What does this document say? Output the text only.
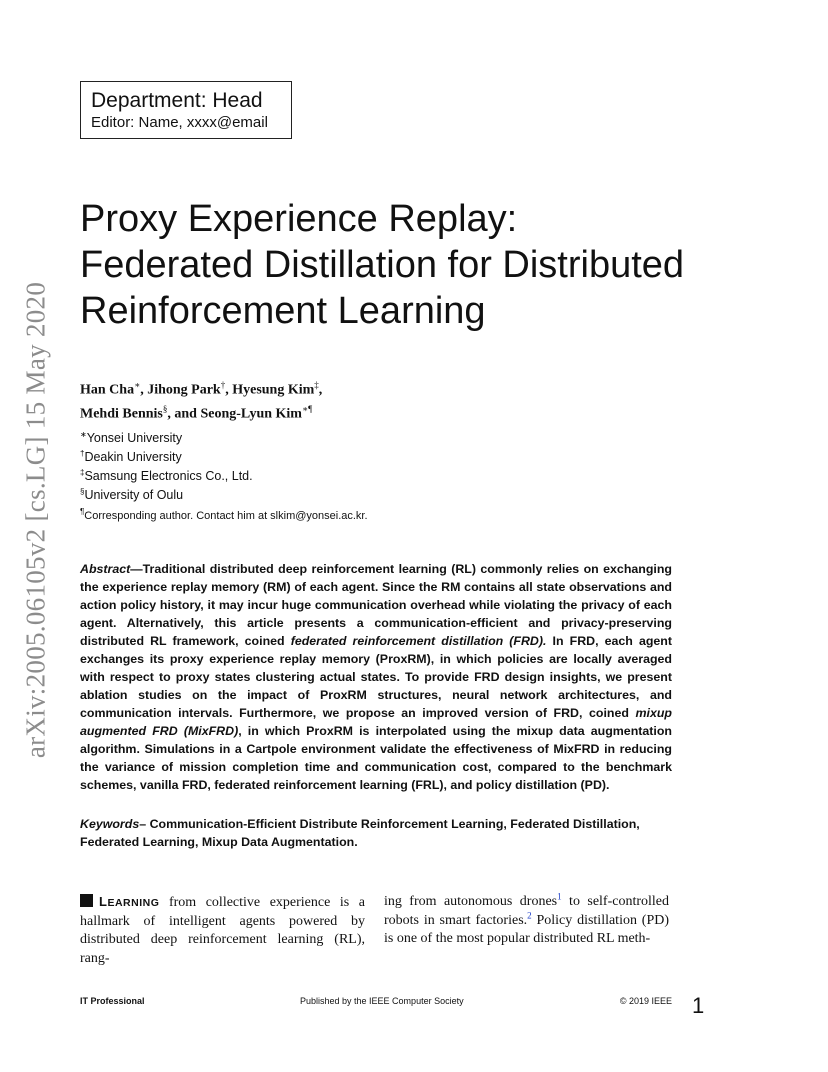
Department: Head
Editor: Name, xxxx@email
arXiv:2005.06105v2 [cs.LG] 15 May 2020
Proxy Experience Replay:
Federated Distillation for Distributed
Reinforcement Learning
Han Cha∗, Jihong Park†, Hyesung Kim‡,
Mehdi Bennis§, and Seong-Lyun Kim∗¶
∗Yonsei University
†Deakin University
‡Samsung Electronics Co., Ltd.
§University of Oulu
¶Corresponding author. Contact him at slkim@yonsei.ac.kr.
Abstract—Traditional distributed deep reinforcement learning (RL) commonly relies on exchanging the experience replay memory (RM) of each agent. Since the RM contains all state observations and action policy history, it may incur huge communication overhead while violating the privacy of each agent. Alternatively, this article presents a communication-efficient and privacy-preserving distributed RL framework, coined federated reinforcement distillation (FRD). In FRD, each agent exchanges its proxy experience replay memory (ProxRM), in which policies are locally averaged with respect to proxy states clustering actual states. To provide FRD design insights, we present ablation studies on the impact of ProxRM structures, neural network architectures, and communication intervals. Furthermore, we propose an improved version of FRD, coined mixup augmented FRD (MixFRD), in which ProxRM is interpolated using the mixup data augmentation algorithm. Simulations in a Cartpole environment validate the effectiveness of MixFRD in reducing the variance of mission completion time and communication cost, compared to the benchmark schemes, vanilla FRD, federated reinforcement learning (FRL), and policy distillation (PD).
Keywords– Communication-Efficient Distribute Reinforcement Learning, Federated Distillation, Federated Learning, Mixup Data Augmentation.
LEARNING from collective experience is a hallmark of intelligent agents powered by distributed deep reinforcement learning (RL), rang-
ing from autonomous drones$^1$ to self-controlled robots in smart factories.$^2$ Policy distillation (PD) is one of the most popular distributed RL meth-
IT Professional	Published by the IEEE Computer Society	© 2019 IEEE 1
